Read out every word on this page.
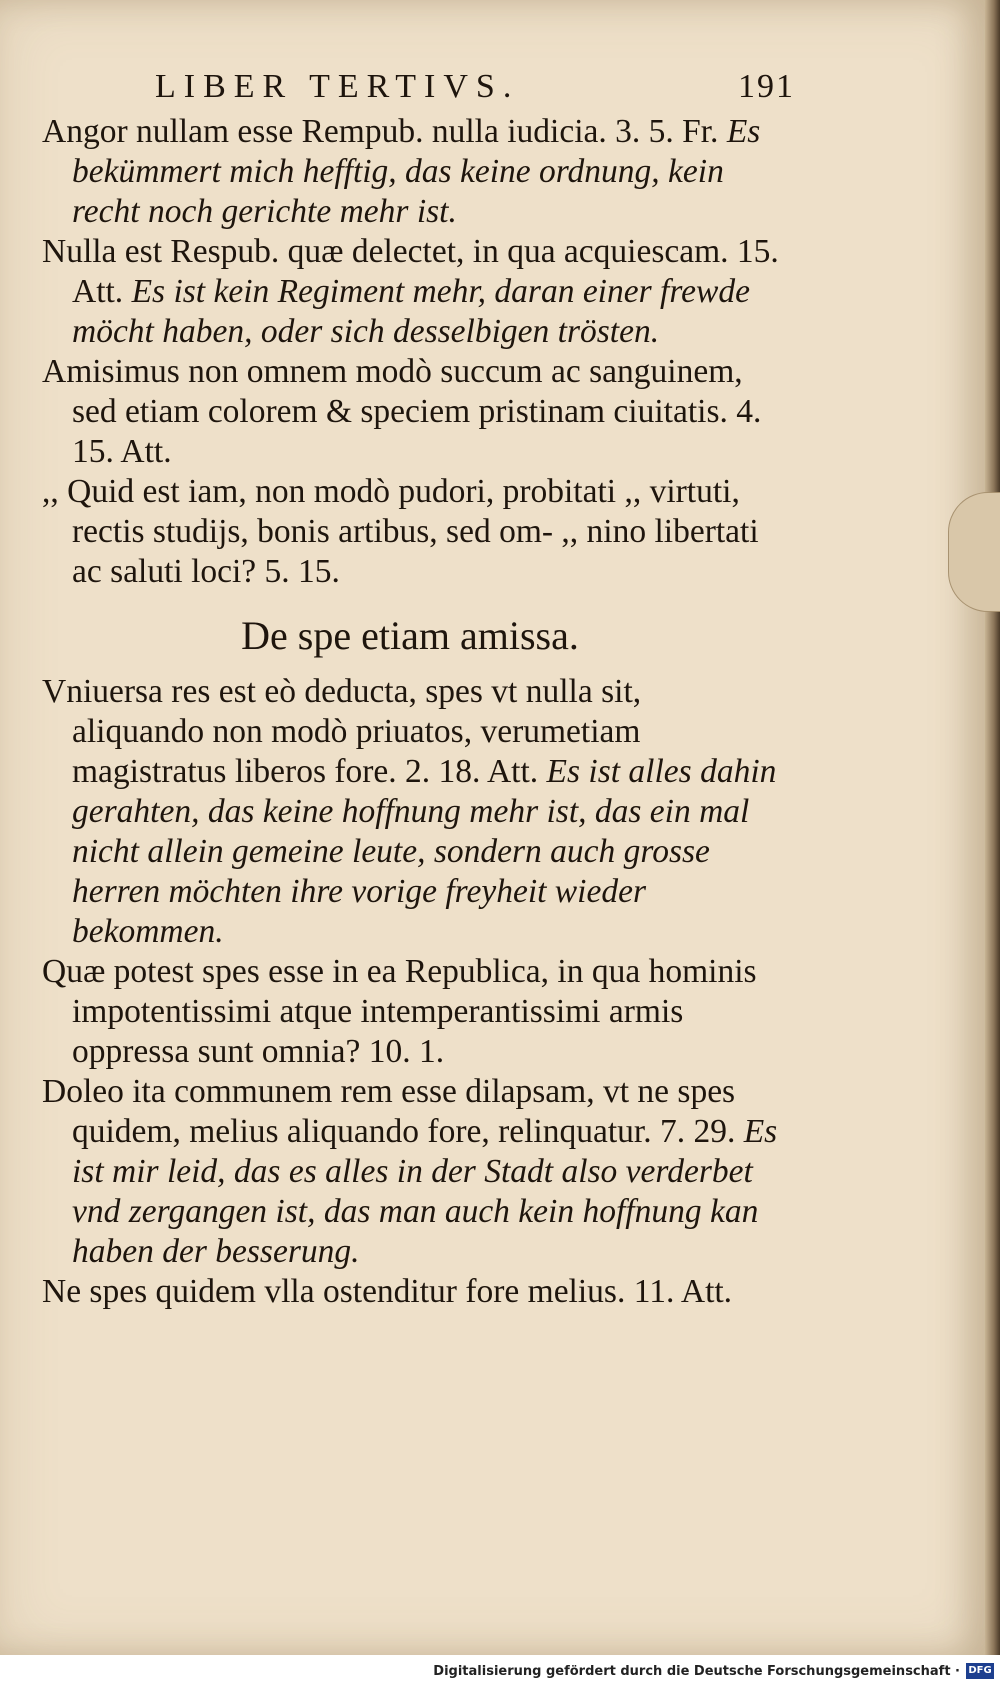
LIBER TERTIVS.	191

Angor nullam esse Rempub. nulla iudicia. 3. 5. Fr. Es bekümmert mich hefftig, das keine ordnung, kein recht noch gerichte mehr ist.

Nulla est Respub. quæ delectet, in qua acquiescam. 15. Att. Es ist kein Regiment mehr, daran einer frewde möcht haben, oder sich desselbigen trösten.

Amisimus non omnem modò succum ac sanguinem, sed etiam colorem & speciem pristinam ciuitatis. 4. 15. Att.

,, Quid est iam, non modò pudori, probitati ,, virtuti, rectis studijs, bonis artibus, sed om- ,, nino libertati ac saluti loci? 5. 15.

De spe etiam amissa.

Vniuersa res est eò deducta, spes vt nulla sit, aliquando non modò priuatos, verumetiam magistratus liberos fore. 2. 18. Att. Es ist alles dahin gerahten, das keine hoffnung mehr ist, das ein mal nicht allein gemeine leute, sondern auch grosse herren möchten ihre vorige freyheit wieder bekommen.

Quæ potest spes esse in ea Republica, in qua hominis impotentissimi atque intemperantissimi armis oppressa sunt omnia? 10. 1.

Doleo ita communem rem esse dilapsam, vt ne spes quidem, melius aliquando fore, relinquatur. 7. 29. Es ist mir leid, das es alles in der Stadt also verderbet vnd zergangen ist, das man auch kein hoffnung kan haben der besserung.

Ne spes quidem vlla ostenditur fore melius. 11. Att.

Digitalisierung gefördert durch die Deutsche Forschungsgemeinschaft · DFG
